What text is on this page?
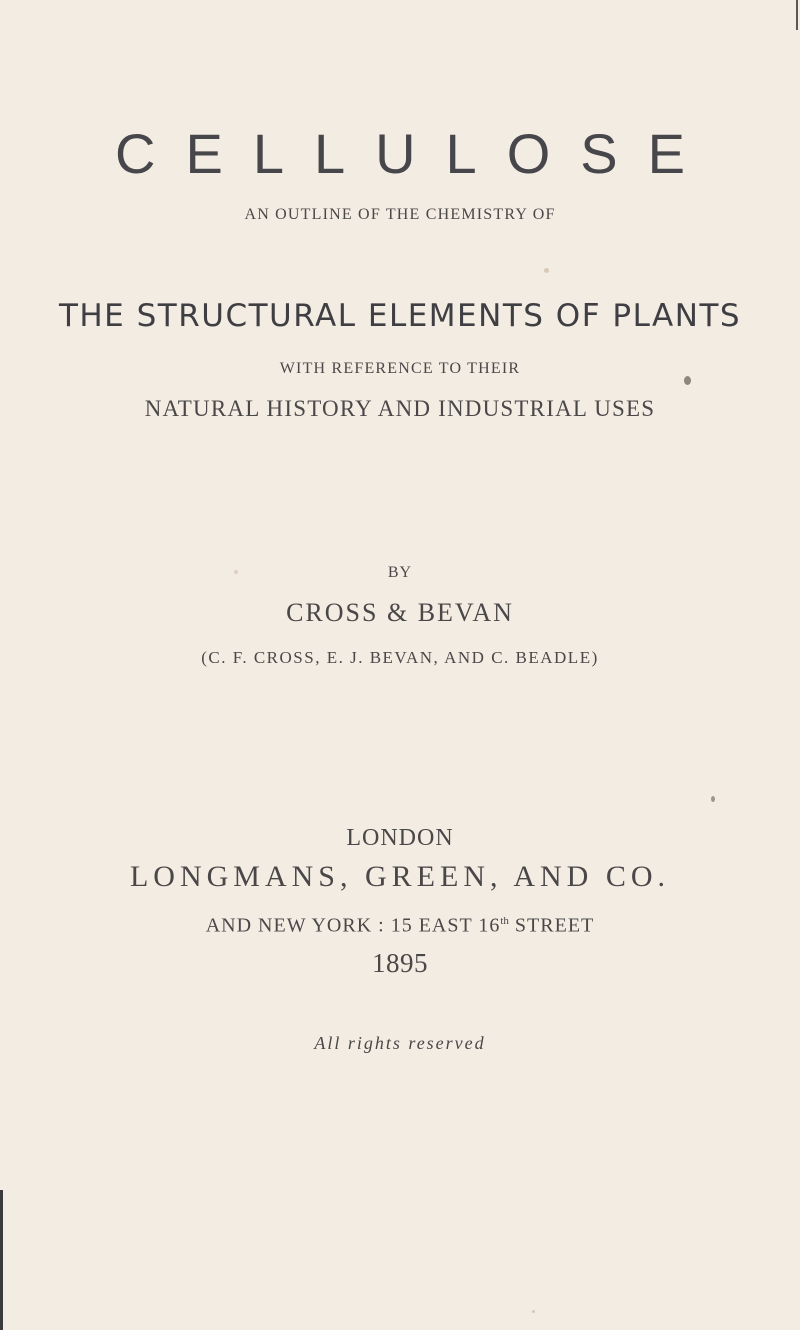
CELLULOSE
AN OUTLINE OF THE CHEMISTRY OF
THE STRUCTURAL ELEMENTS OF PLANTS
WITH REFERENCE TO THEIR
NATURAL HISTORY AND INDUSTRIAL USES
BY
CROSS & BEVAN
(C. F. CROSS, E. J. BEVAN, AND C. BEADLE)
LONDON
LONGMANS, GREEN, AND CO.
AND NEW YORK : 15 EAST 16th STREET
1895
All rights reserved
